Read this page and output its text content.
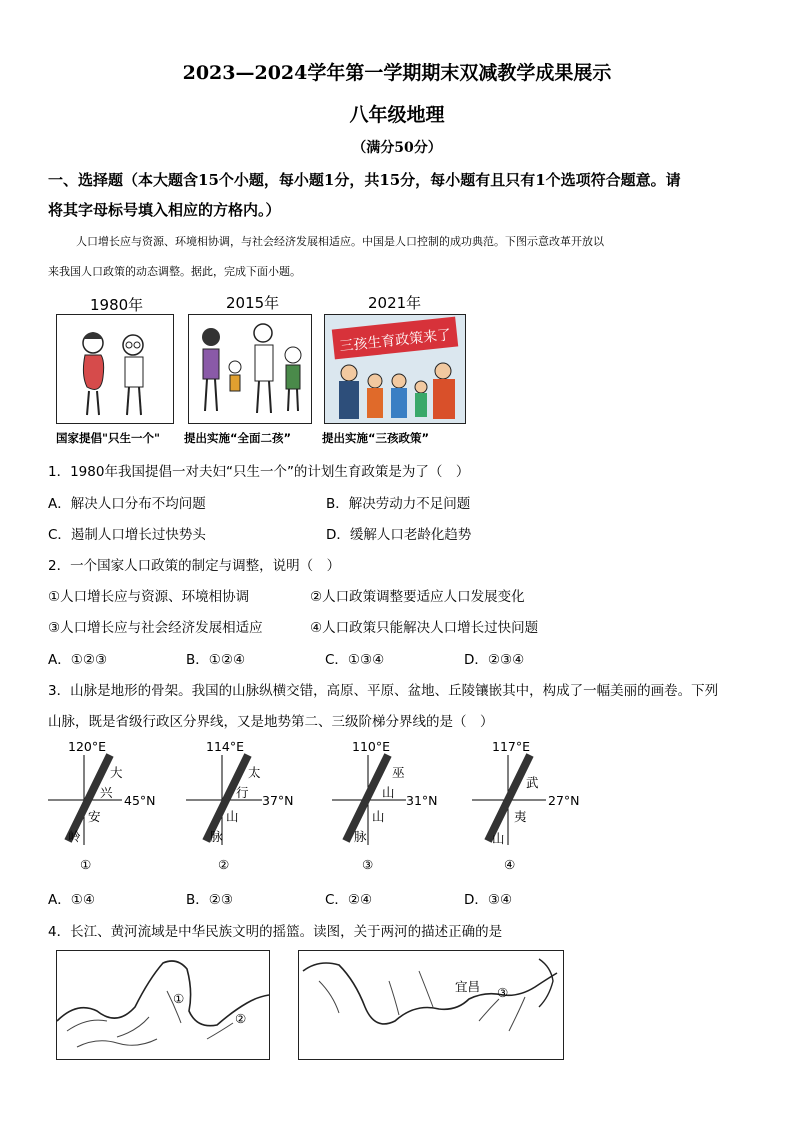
2023—2024学年第一学期期末双减教学成果展示
八年级地理
（满分50分）
一、选择题（本大题含15个小题，每小题1分，共15分，每小题有且只有1个选项符合题意。请
将其字母标号填入相应的方格内。）
人口增长应与资源、环境相协调，与社会经济发展相适应。中国是人口控制的成功典范。下图示意改革开放以
来我国人口政策的动态调整。据此，完成下面小题。
1980年	2015年	2021年
三孩生育政策来了
国家提倡"只生一个" 提出实施“全面二孩”	提出实施“三孩政策”
1．1980年我国提倡一对夫妇“只生一个”的计划生育政策是为了（　）
A．解决人口分布不均问题	B．解决劳动力不足问题
C．遏制人口增长过快势头	D．缓解人口老龄化趋势
2．一个国家人口政策的制定与调整，说明（　）
①人口增长应与资源、环境相协调	②人口政策调整要适应人口发展变化
③人口增长应与社会经济发展相适应	④人口政策只能解决人口增长过快问题
A．①②③	B．①②④	C．①③④	D．②③④
3．山脉是地形的骨架。我国的山脉纵横交错，高原、平原、盆地、丘陵镶嵌其中，构成了一幅美丽的画卷。下列
山脉，既是省级行政区分界线，又是地势第二、三级阶梯分界线的是（　）
120°E
45°N
大
兴
安
岭
①
114°E
37°N
太
行
山
脉
②
110°E
31°N
巫
山
山
脉
③
117°E
27°N
武
夷
山
④
A．①④	B．②③	C．②④	D．③④
4．长江、黄河流域是中华民族文明的摇篮。读图，关于两河的描述正确的是
①
②
宜昌 ③
